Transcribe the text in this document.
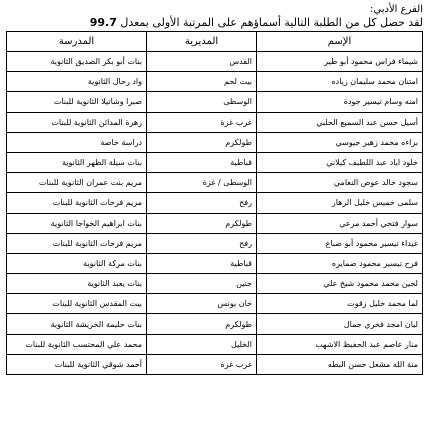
الفرع الأدبي:
لقد حصل كل من الطلبة التالية أسماؤهم على المرتبة الأولى بمعدل 99.7
الإسم	المديرية	المدرسة
شيماء فراس محمود أبو طير	القدس	بنات أبو بكر الصديق الثانوية
امتنان محمد سليمان زياده	بيت لحم	واد رحال الثانوية
امنه وسام تيسير جودة	الوسطى	صبرا وشاتيلا الثانوية للبنات
أسيل حسن عبد السميع الحلبي	غرب غزة	زهرة المدائن الثانوية للبنات
براءه محمد زهير جيوسي	طولكرم	دراسة خاصة
خلود اياد عبد اللطيف كيلاني	قباطية	بنات سيلة الظهر الثانوية
سجود خالد عوض النعامي	الوسطى / غزة	مريم بنت عمران الثانوية للبنات
سلمى خميس خليل الزهار	رفح	مريم فرحات الثانوية للبنات
سوار فتحي أحمد مرعي	طولكرم	بنات ابراهيم الخواجا الثانوية
غيداء تيسير محمود أبو ضباع	رفح	مريم فرحات الثانوية للبنات
فرح تيسير محمود ضمايره	قباطية	بنات مركة الثانوية
لجين محمد محمود شيخ علي	جنين	بنات يعبد الثانوية
لما محمد خليل زقوت	خان يونس	بيت المقدس الثانوية للبنات
ليان امجد فخري جمال	طولكرم	بنات حليمة الخريشة الثانوية
منار عاصم عبد الحفيظ الاشهب	الخليل	محمد علي المحتسب الثانوية للبنات
منة الله مشعل حسن البطه	غرب غزة	أحمد شوقي الثانوية للبنات
